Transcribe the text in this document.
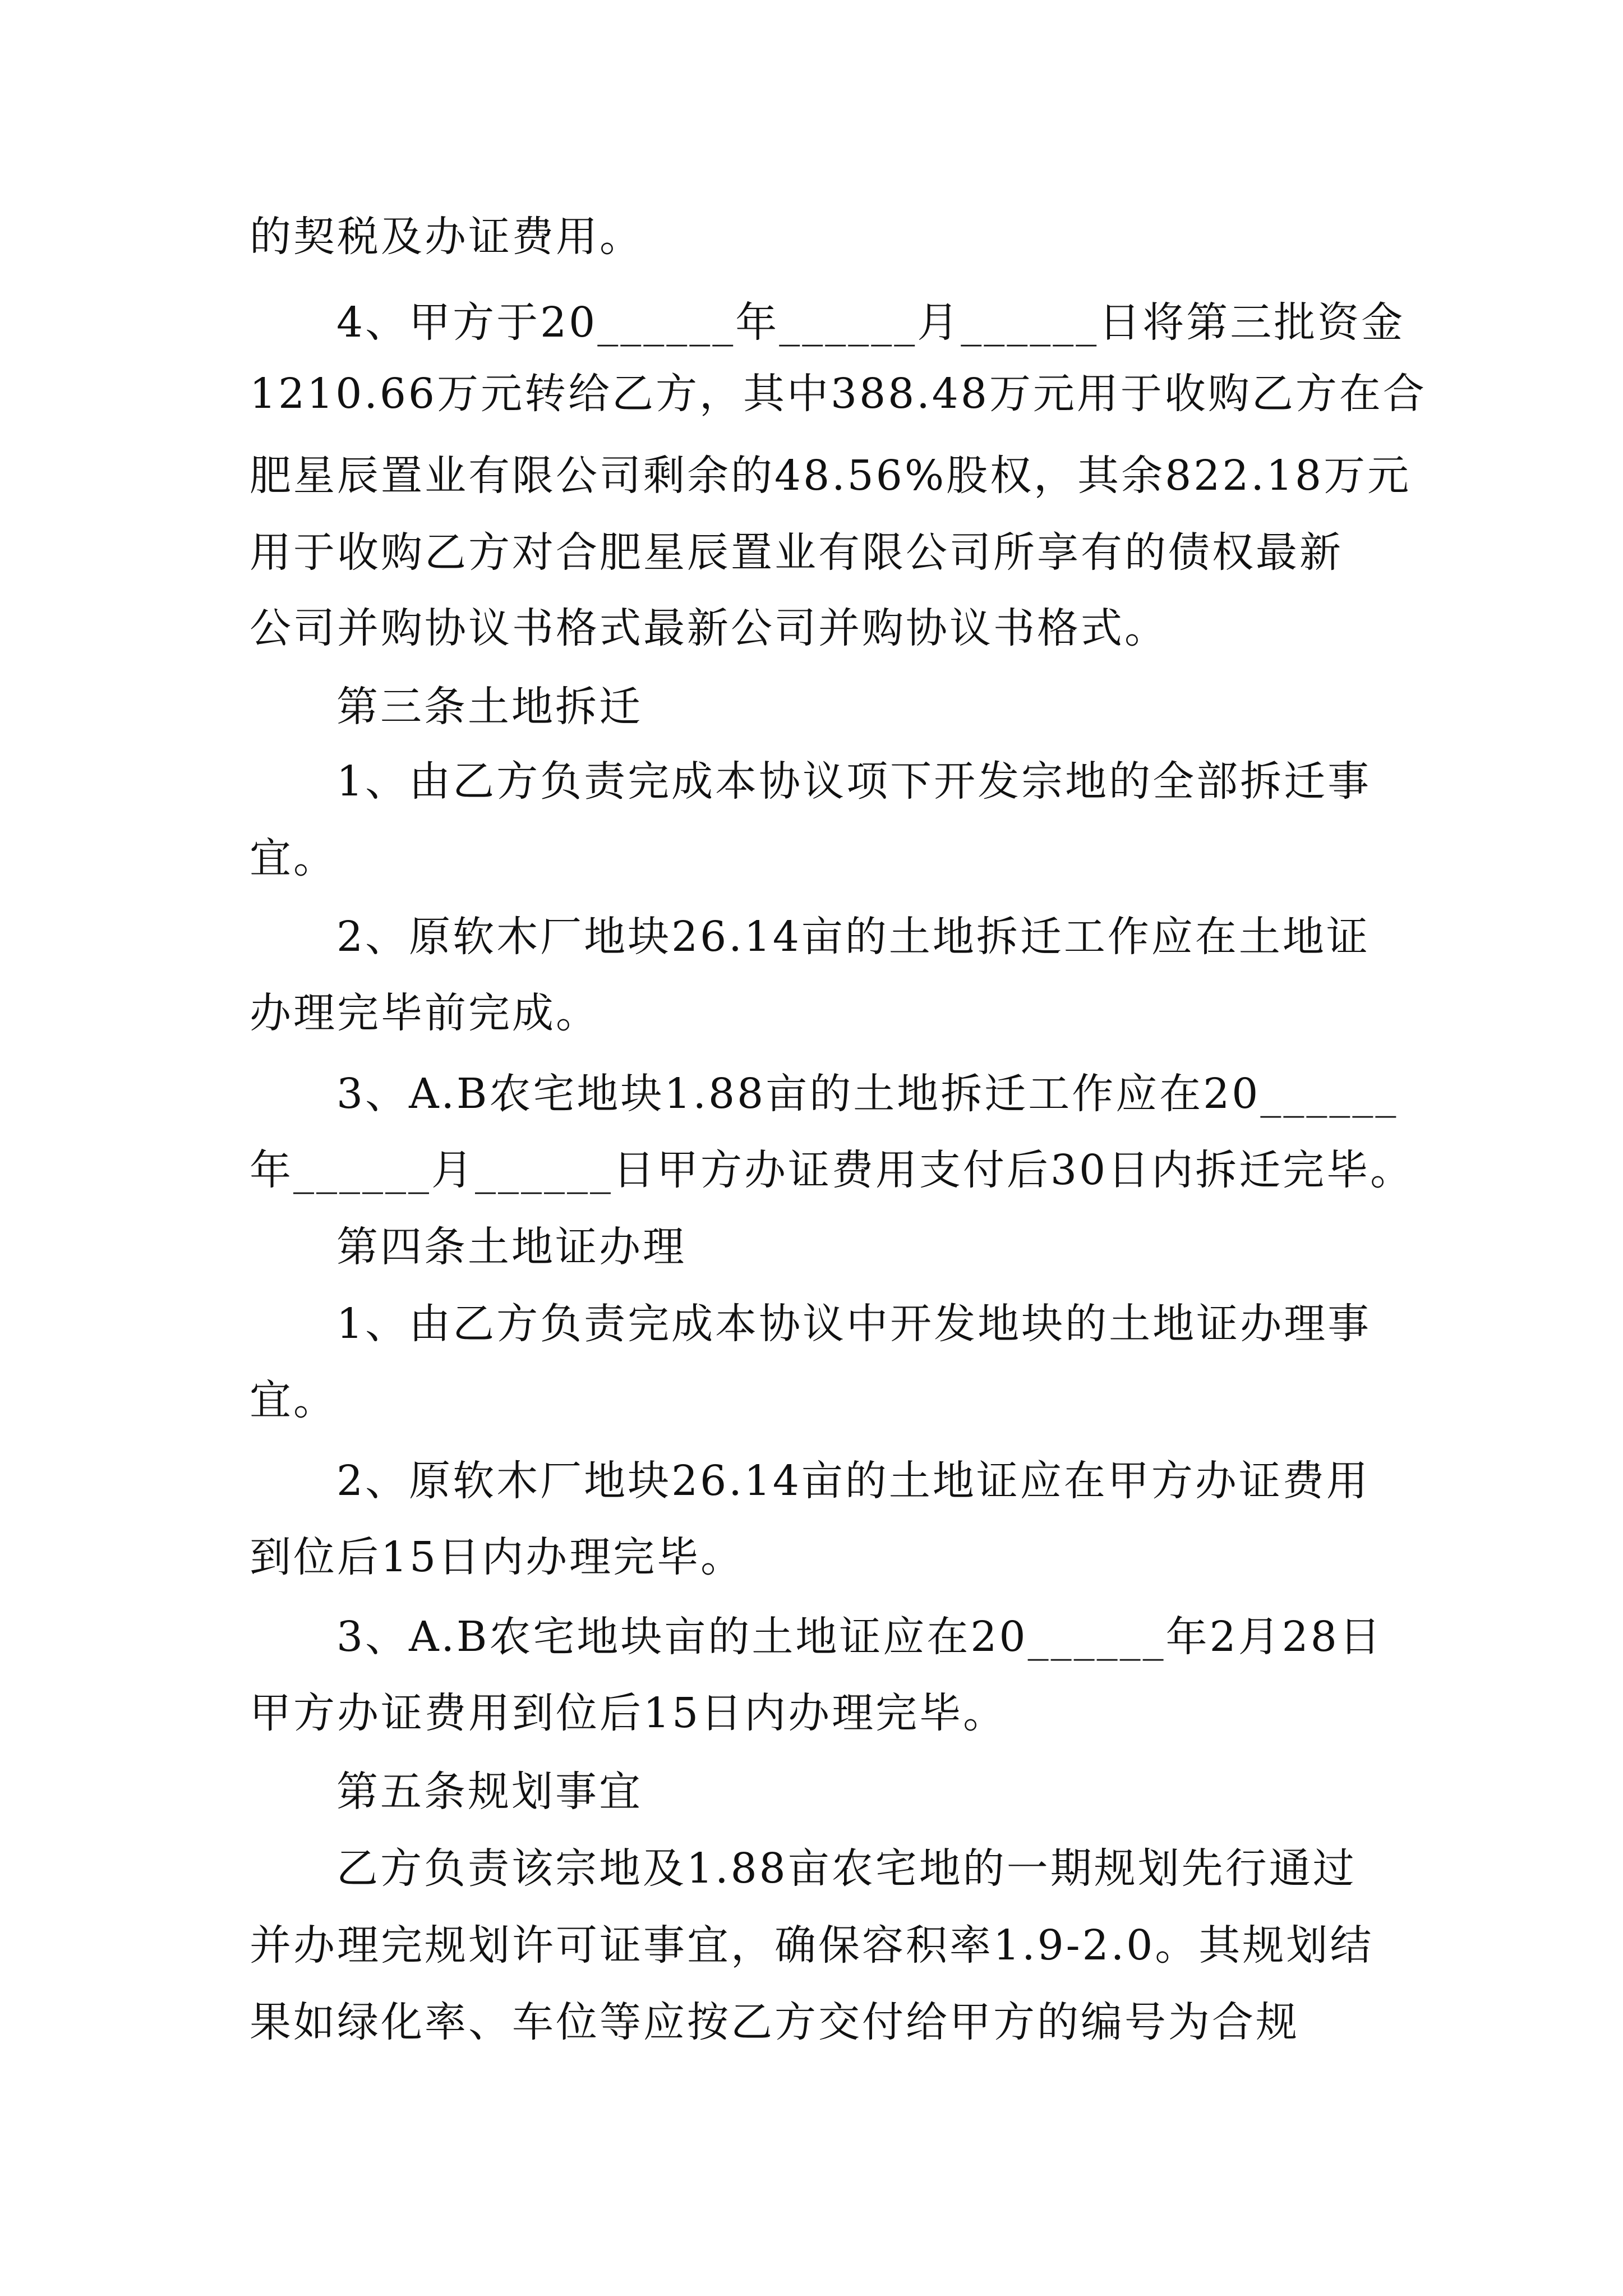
的契税及办证费用。
4、甲方于20______年______月______日将第三批资金
1210.66万元转给乙方，其中388.48万元用于收购乙方在合
肥星辰置业有限公司剩余的48.56%股权，其余822.18万元
用于收购乙方对合肥星辰置业有限公司所享有的债权最新
公司并购协议书格式最新公司并购协议书格式。
第三条土地拆迁
1、由乙方负责完成本协议项下开发宗地的全部拆迁事
宜。
2、原软木厂地块26.14亩的土地拆迁工作应在土地证
办理完毕前完成。
3、A.B农宅地块1.88亩的土地拆迁工作应在20______
年______月______日甲方办证费用支付后30日内拆迁完毕。
第四条土地证办理
1、由乙方负责完成本协议中开发地块的土地证办理事
宜。
2、原软木厂地块26.14亩的土地证应在甲方办证费用
到位后15日内办理完毕。
3、A.B农宅地块亩的土地证应在20______年2月28日
甲方办证费用到位后15日内办理完毕。
第五条规划事宜
乙方负责该宗地及1.88亩农宅地的一期规划先行通过
并办理完规划许可证事宜，确保容积率1.9-2.0。其规划结
果如绿化率、车位等应按乙方交付给甲方的编号为合规
